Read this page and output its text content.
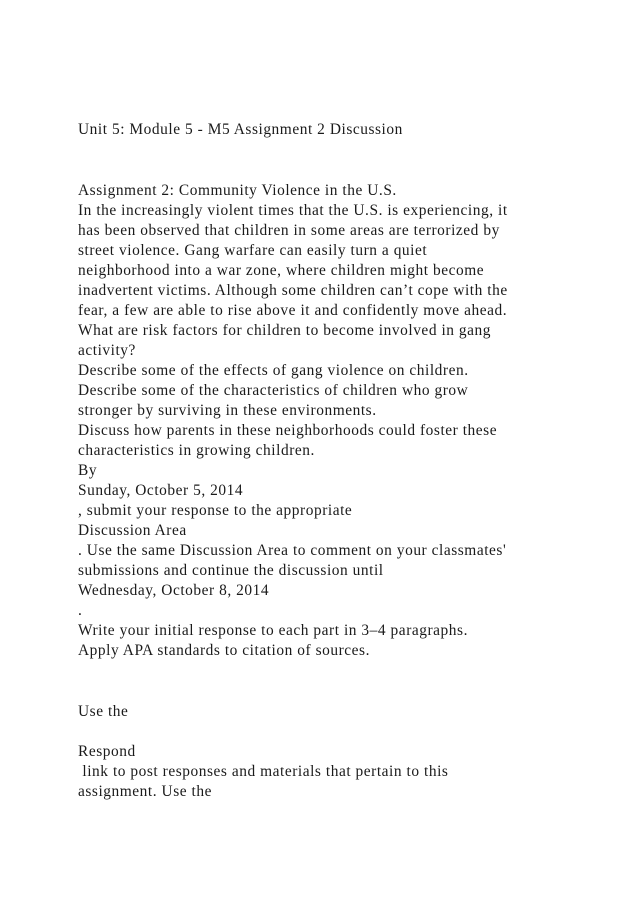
Unit 5: Module 5 - M5 Assignment 2 Discussion
Assignment 2: Community Violence in the U.S.
In the increasingly violent times that the U.S. is experiencing, it
has been observed that children in some areas are terrorized by
street violence. Gang warfare can easily turn a quiet
neighborhood into a war zone, where children might become
inadvertent victims. Although some children can’t cope with the
fear, a few are able to rise above it and confidently move ahead.
What are risk factors for children to become involved in gang
activity?
Describe some of the effects of gang violence on children.
Describe some of the characteristics of children who grow
stronger by surviving in these environments.
Discuss how parents in these neighborhoods could foster these
characteristics in growing children.
By
Sunday, October 5, 2014
, submit your response to the appropriate
Discussion Area
. Use the same Discussion Area to comment on your classmates'
submissions and continue the discussion until
Wednesday, October 8, 2014
.
Write your initial response to each part in 3–4 paragraphs.
Apply APA standards to citation of sources.
Use the
Respond
link to post responses and materials that pertain to this
assignment. Use the
